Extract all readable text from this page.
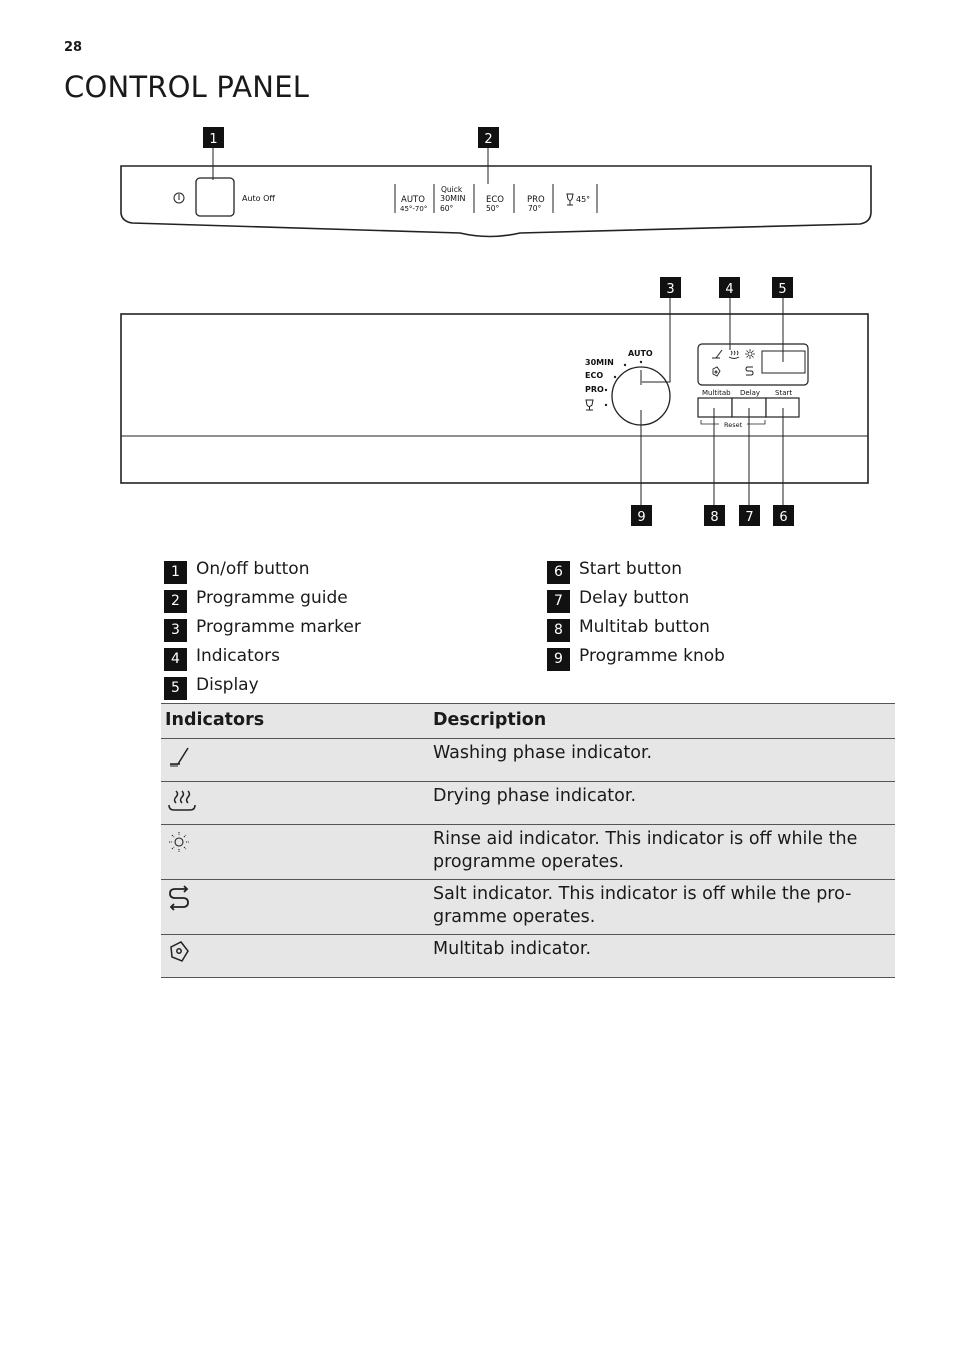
28
CONTROL PANEL
Auto Off	AUTO
45°-70°
Quick
30MIN
60°
ECO
50°
PRO
70°
45°
1	2
AUTO
30MIN
ECO
PRO	Multitab Delay Start
Reset
3	4	5
9	8 7 6
1 On/off button
2 Programme guide
3 Programme marker
4 Indicators
5 Display
6 Start button
7 Delay button
8 Multitab button
9 Programme knob
Indicators	Description
	Washing phase indicator.
	Drying phase indicator.
	Rinse aid indicator. This indicator is off while the programme operates.
	Salt indicator. This indicator is off while the pro-gramme operates.
	Multitab indicator.
